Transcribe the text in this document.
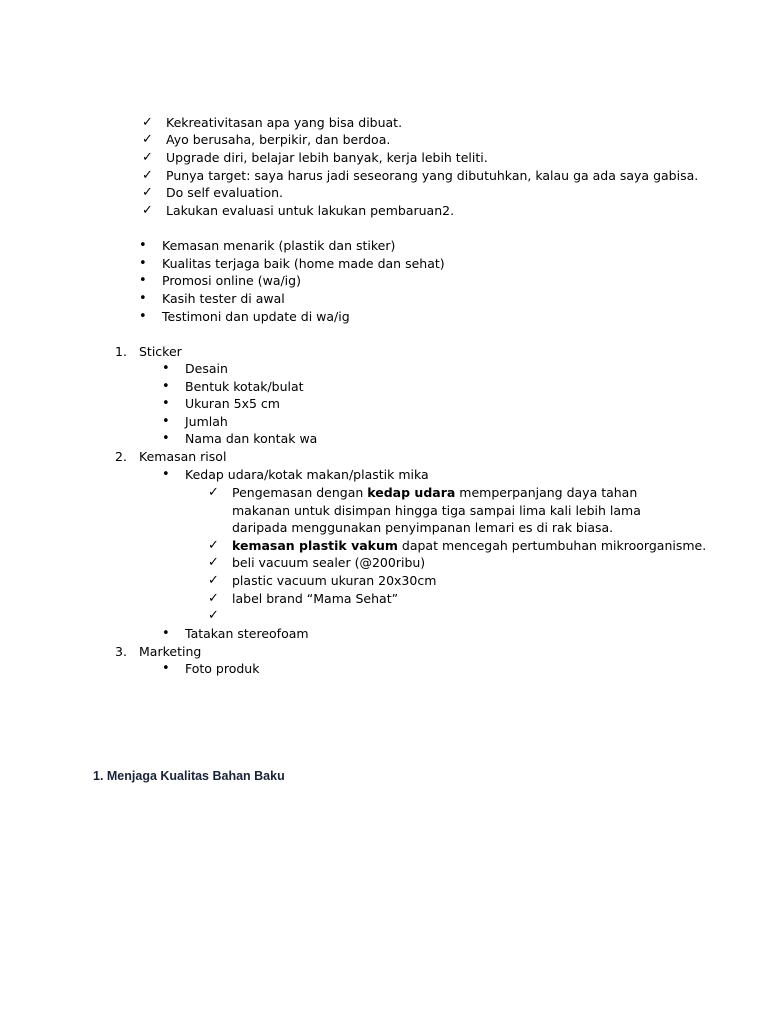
✓	Kekreativitasan apa yang bisa dibuat.
✓	Ayo berusaha, berpikir, dan berdoa.
✓	Upgrade diri, belajar lebih banyak, kerja lebih teliti.
✓	Punya target: saya harus jadi seseorang yang dibutuhkan, kalau ga ada saya gabisa.
✓	Do self evaluation.
✓	Lakukan evaluasi untuk lakukan pembaruan2.
•	Kemasan menarik (plastik dan stiker)
•	Kualitas terjaga baik (home made dan sehat)
•	Promosi online (wa/ig)
•	Kasih tester di awal
•	Testimoni dan update di wa/ig
1. Sticker
•	Desain
•	Bentuk kotak/bulat
•	Ukuran 5x5 cm
•	Jumlah
•	Nama dan kontak wa
2. Kemasan risol
•	Kedap udara/kotak makan/plastik mika
✓	Pengemasan dengan kedap udara memperpanjang daya tahan makanan untuk disimpan hingga tiga sampai lima kali lebih lama daripada menggunakan penyimpanan lemari es di rak biasa.
✓	kemasan plastik vakum dapat mencegah pertumbuhan mikroorganisme.
✓	beli vacuum sealer (@200ribu)
✓	plastic vacuum ukuran 20x30cm
✓	label brand “Mama Sehat”
✓
•	Tatakan stereofoam
3. Marketing
•	Foto produk
1. Menjaga Kualitas Bahan Baku
